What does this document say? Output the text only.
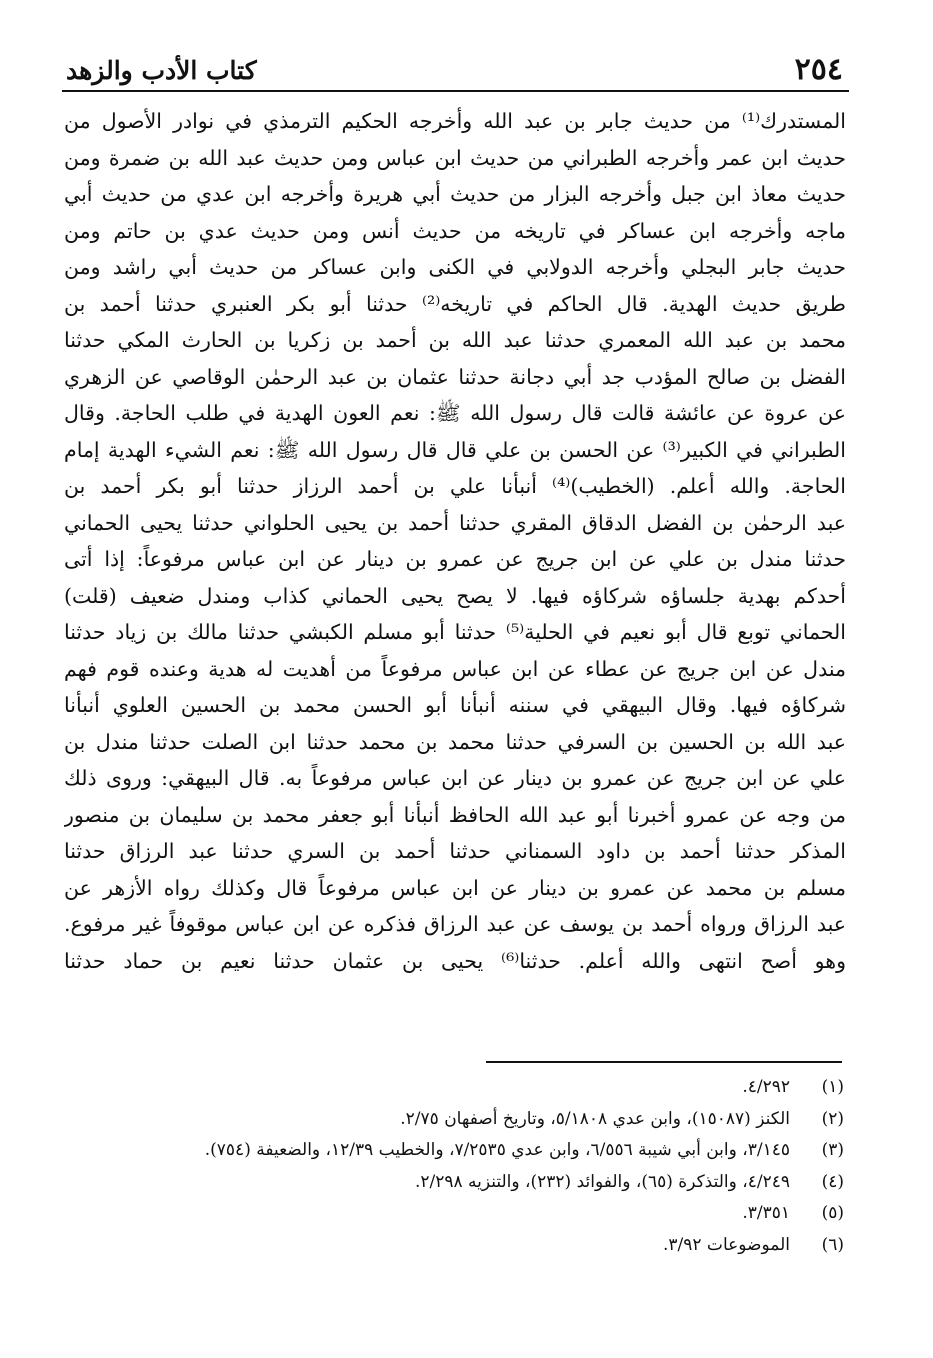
٢٥٤
كتاب الأدب والزهد
المستدرك⁽¹⁾ من حديث جابر بن عبد الله وأخرجه الحكيم الترمذي في نوادر الأصول من
حديث ابن عمر وأخرجه الطبراني من حديث ابن عباس ومن حديث عبد الله بن ضمرة ومن
حديث معاذ ابن جبل وأخرجه البزار من حديث أبي هريرة وأخرجه ابن عدي من حديث أبي
ماجه وأخرجه ابن عساكر في تاريخه من حديث أنس ومن حديث عدي بن حاتم ومن
حديث جابر البجلي وأخرجه الدولابي في الكنى وابن عساكر من حديث أبي راشد ومن
طريق حديث الهدية. قال الحاكم في تاريخه⁽²⁾ حدثنا أبو بكر العنبري حدثنا أحمد بن
محمد بن عبد الله المعمري حدثنا عبد الله بن أحمد بن زكريا بن الحارث المكي حدثنا
الفضل بن صالح المؤدب جد أبي دجانة حدثنا عثمان بن عبد الرحمٰن الوقاصي عن الزهري
عن عروة عن عائشة قالت قال رسول الله ﷺ: نعم العون الهدية في طلب الحاجة. وقال
الطبراني في الكبير⁽³⁾ عن الحسن بن علي قال قال رسول الله ﷺ: نعم الشيء الهدية إمام
الحاجة. والله أعلم. (الخطيب)⁽⁴⁾ أنبأنا علي بن أحمد الرزاز حدثنا أبو بكر أحمد بن
عبد الرحمٰن بن الفضل الدقاق المقري حدثنا أحمد بن يحيى الحلواني حدثنا يحيى الحماني
حدثنا مندل بن علي عن ابن جريج عن عمرو بن دينار عن ابن عباس مرفوعاً: إذا أتى
أحدكم بهدية جلساؤه شركاؤه فيها. لا يصح يحيى الحماني كذاب ومندل ضعيف (قلت)
الحماني توبع قال أبو نعيم في الحلية⁽⁵⁾ حدثنا أبو مسلم الكبشي حدثنا مالك بن زياد حدثنا
مندل عن ابن جريج عن عطاء عن ابن عباس مرفوعاً من أهديت له هدية وعنده قوم فهم
شركاؤه فيها. وقال البيهقي في سننه أنبأنا أبو الحسن محمد بن الحسين العلوي أنبأنا
عبد الله بن الحسين بن السرفي حدثنا محمد بن محمد حدثنا ابن الصلت حدثنا مندل بن
علي عن ابن جريج عن عمرو بن دينار عن ابن عباس مرفوعاً به. قال البيهقي: وروى ذلك
من وجه عن عمرو أخبرنا أبو عبد الله الحافظ أنبأنا أبو جعفر محمد بن سليمان بن منصور
المذكر حدثنا أحمد بن داود السمناني حدثنا أحمد بن السري حدثنا عبد الرزاق حدثنا
مسلم بن محمد عن عمرو بن دينار عن ابن عباس مرفوعاً قال وكذلك رواه الأزهر عن
عبد الرزاق ورواه أحمد بن يوسف عن عبد الرزاق فذكره عن ابن عباس موقوفاً غير مرفوع.
وهو أصح انتهى والله أعلم. حدثنا⁽⁶⁾ يحيى بن عثمان حدثنا نعيم بن حماد حدثنا
(١)٤/٢٩٢.
(٢)الكنز (١٥٠٨٧)، وابن عدي ٥/١٨٠٨، وتاريخ أصفهان ٢/٧٥.
(٣)٣/١٤٥، وابن أبي شيبة ٦/٥٥٦، وابن عدي ٧/٢٥٣٥، والخطيب ١٢/٣٩، والضعيفة (٧٥٤).
(٤)٤/٢٤٩، والتذكرة (٦٥)، والفوائد (٢٣٢)، والتنزيه ٢/٢٩٨.
(٥)٣/٣٥١.
(٦)الموضوعات ٣/٩٢.
